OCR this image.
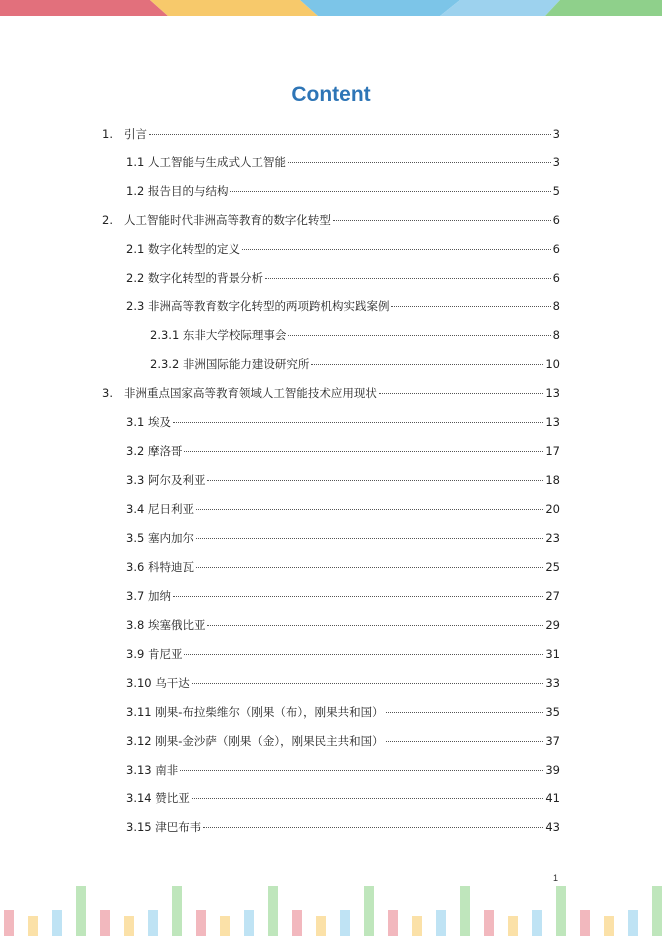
Content
1.   引言	3
1.1 人工智能与生成式人工智能	3
1.2 报告目的与结构	5
2.   人工智能时代非洲高等教育的数字化转型	6
2.1 数字化转型的定义	6
2.2 数字化转型的背景分析	6
2.3 非洲高等教育数字化转型的两项跨机构实践案例	8
2.3.1 东非大学校际理事会	8
2.3.2 非洲国际能力建设研究所	10
3.   非洲重点国家高等教育领域人工智能技术应用现状	13
3.1 埃及	13
3.2 摩洛哥	17
3.3 阿尔及利亚	18
3.4 尼日利亚	20
3.5 塞内加尔	23
3.6 科特迪瓦	25
3.7 加纳	27
3.8 埃塞俄比亚	29
3.9 肯尼亚	31
3.10 乌干达	33
3.11 刚果-布拉柴维尔（刚果（布），刚果共和国）	35
3.12 刚果-金沙萨（刚果（金），刚果民主共和国）	37
3.13 南非	39
3.14 赞比亚	41
3.15 津巴布韦	43
1
